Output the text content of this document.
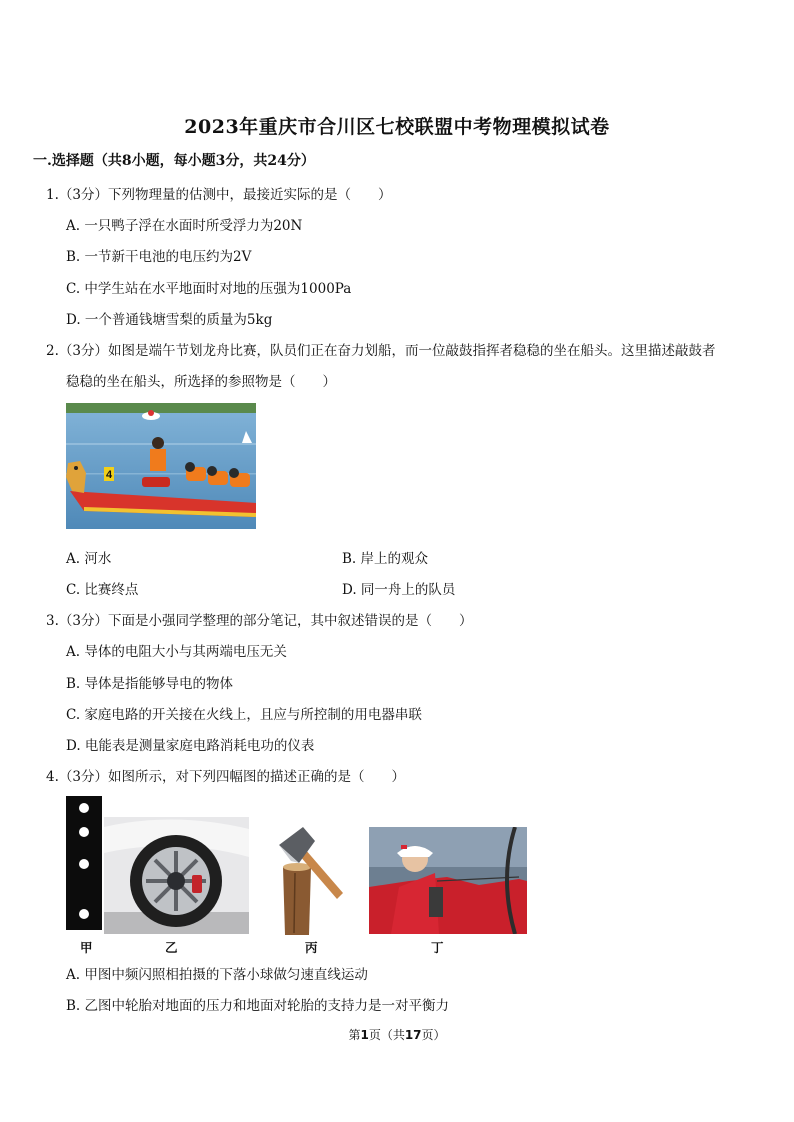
2023年重庆市合川区七校联盟中考物理模拟试卷
一.选择题（共8小题，每小题3分，共24分）
1.（3分）下列物理量的估测中，最接近实际的是（　　）
A. 一只鸭子浮在水面时所受浮力为20N
B. 一节新干电池的电压约为2V
C. 中学生站在水平地面时对地的压强为1000Pa
D. 一个普通钱塘雪梨的质量为5kg
2.（3分）如图是端午节划龙舟比赛，队员们正在奋力划船，而一位敲鼓指挥者稳稳的坐在船头。这里描述敲鼓者
稳稳的坐在船头，所选择的参照物是（　　）
4
A. 河水	B. 岸上的观众
C. 比赛终点	D. 同一舟上的队员
3.（3分）下面是小强同学整理的部分笔记，其中叙述错误的是（　　）
A. 导体的电阻大小与其两端电压无关
B. 导体是指能够导电的物体
C. 家庭电路的开关接在火线上，且应与所控制的用电器串联
D. 电能表是测量家庭电路消耗电功的仪表
4.（3分）如图所示，对下列四幅图的描述正确的是（　　）
甲	乙	丙	丁
A. 甲图中频闪照相拍摄的下落小球做匀速直线运动
B. 乙图中轮胎对地面的压力和地面对轮胎的支持力是一对平衡力
第1页（共17页）
